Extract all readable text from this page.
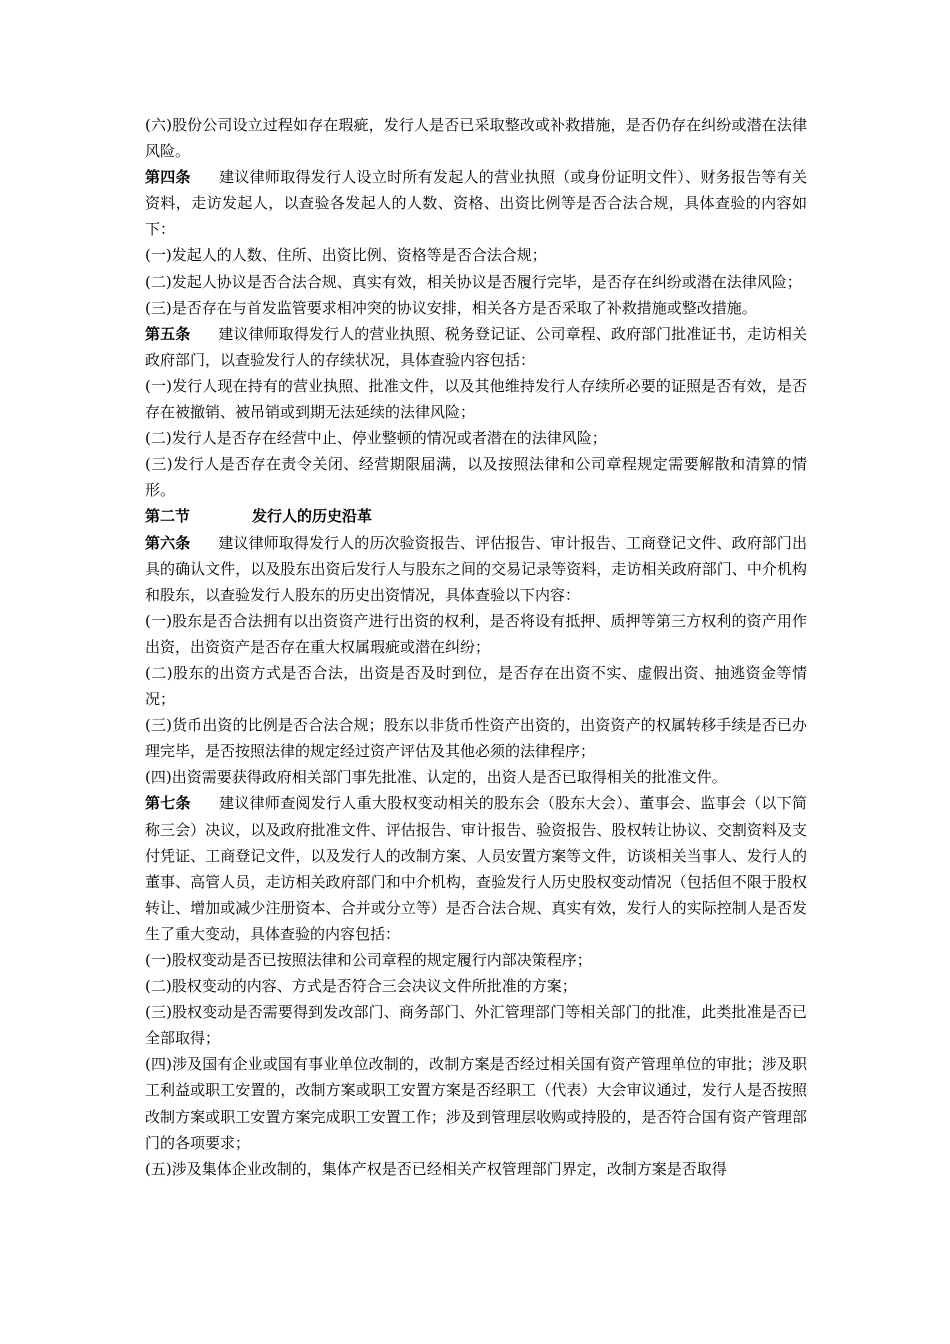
(六)股份公司设立过程如存在瑕疵，发行人是否已采取整改或补救措施，是否仍存在纠纷或潜在法律风险。

第四条 建议律师取得发行人设立时所有发起人的营业执照（或身份证明文件）、财务报告等有关资料，走访发起人，以查验各发起人的人数、资格、出资比例等是否合法合规，具体查验的内容如下：

(一)发起人的人数、住所、出资比例、资格等是否合法合规；

(二)发起人协议是否合法合规、真实有效，相关协议是否履行完毕，是否存在纠纷或潜在法律风险；

(三)是否存在与首发监管要求相冲突的协议安排，相关各方是否采取了补救措施或整改措施。

第五条 建议律师取得发行人的营业执照、税务登记证、公司章程、政府部门批准证书，走访相关政府部门，以查验发行人的存续状况，具体查验内容包括：

(一)发行人现在持有的营业执照、批准文件，以及其他维持发行人存续所必要的证照是否有效，是否存在被撤销、被吊销或到期无法延续的法律风险；

(二)发行人是否存在经营中止、停业整顿的情况或者潜在的法律风险；

(三)发行人是否存在责令关闭、经营期限届满，以及按照法律和公司章程规定需要解散和清算的情形。

第二节	发行人的历史沿革

第六条 建议律师取得发行人的历次验资报告、评估报告、审计报告、工商登记文件、政府部门出具的确认文件，以及股东出资后发行人与股东之间的交易记录等资料，走访相关政府部门、中介机构和股东，以查验发行人股东的历史出资情况，具体查验以下内容：

(一)股东是否合法拥有以出资资产进行出资的权利，是否将设有抵押、质押等第三方权利的资产用作出资，出资资产是否存在重大权属瑕疵或潜在纠纷；

(二)股东的出资方式是否合法，出资是否及时到位，是否存在出资不实、虚假出资、抽逃资金等情况；

(三)货币出资的比例是否合法合规；股东以非货币性资产出资的，出资资产的权属转移手续是否已办理完毕，是否按照法律的规定经过资产评估及其他必须的法律程序；

(四)出资需要获得政府相关部门事先批准、认定的，出资人是否已取得相关的批准文件。

第七条 建议律师查阅发行人重大股权变动相关的股东会（股东大会）、董事会、监事会（以下简称三会）决议，以及政府批准文件、评估报告、审计报告、验资报告、股权转让协议、交割资料及支付凭证、工商登记文件，以及发行人的改制方案、人员安置方案等文件，访谈相关当事人、发行人的董事、高管人员，走访相关政府部门和中介机构，查验发行人历史股权变动情况（包括但不限于股权转让、增加或减少注册资本、合并或分立等）是否合法合规、真实有效，发行人的实际控制人是否发生了重大变动，具体查验的内容包括：

(一)股权变动是否已按照法律和公司章程的规定履行内部决策程序；

(二)股权变动的内容、方式是否符合三会决议文件所批准的方案；

(三)股权变动是否需要得到发改部门、商务部门、外汇管理部门等相关部门的批准，此类批准是否已全部取得；

(四)涉及国有企业或国有事业单位改制的，改制方案是否经过相关国有资产管理单位的审批；涉及职工利益或职工安置的，改制方案或职工安置方案是否经职工（代表）大会审议通过，发行人是否按照改制方案或职工安置方案完成职工安置工作；涉及到管理层收购或持股的，是否符合国有资产管理部门的各项要求；

(五)涉及集体企业改制的，集体产权是否已经相关产权管理部门界定，改制方案是否取得
